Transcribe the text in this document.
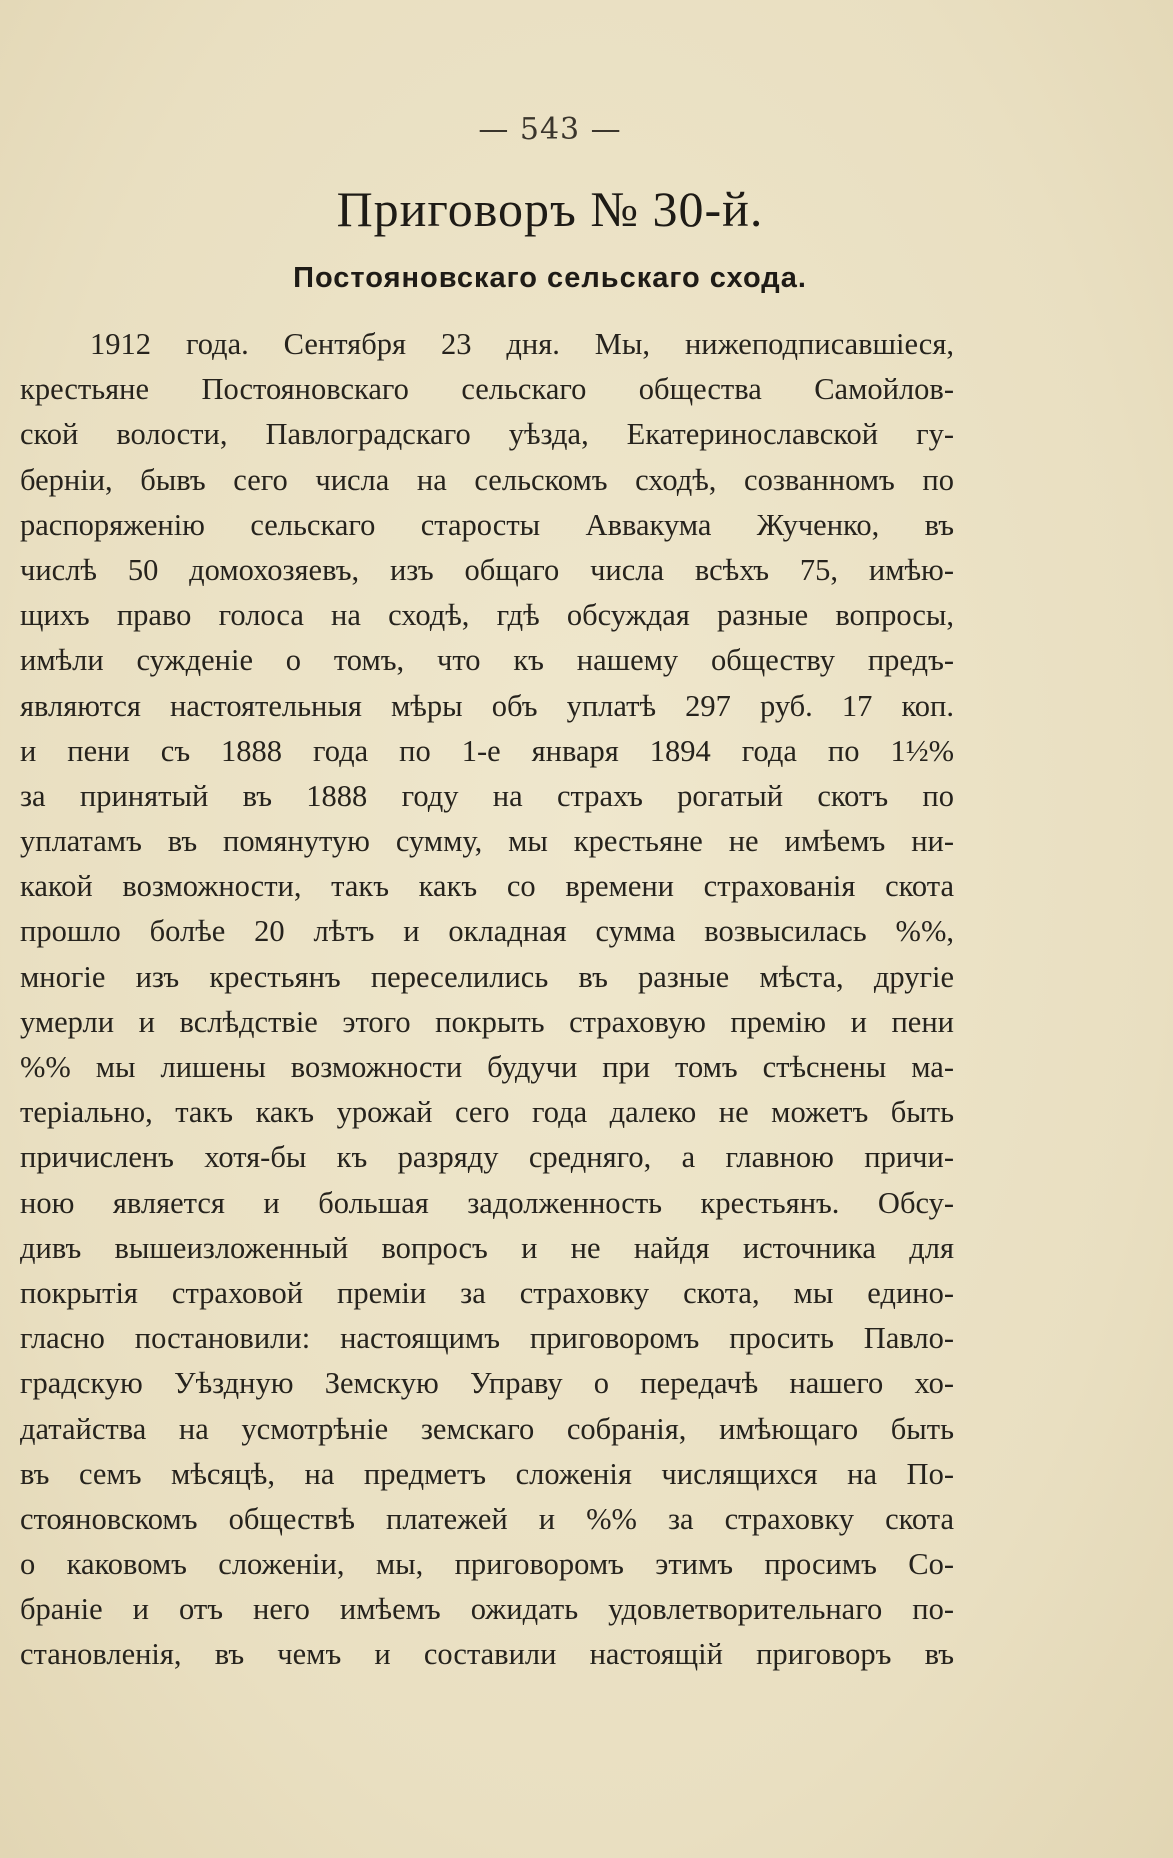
— 543 —
Приговоръ № 30-й.
Постояновскаго сельскаго схода.
1912 года. Сентября 23 дня. Мы, нижеподписавшіеся,
крестьяне Постояновскаго сельскаго общества Самойлов-
ской волости, Павлоградскаго уѣзда, Екатеринославской гу-
берніи, бывъ сего числа на сельскомъ сходѣ, созванномъ по
распоряженію сельскаго старосты Аввакума Жученко, въ
числѣ 50 домохозяевъ, изъ общаго числа всѣхъ 75, имѣю-
щихъ право голоса на сходѣ, гдѣ обсуждая разные вопросы,
имѣли сужденіе о томъ, что къ нашему обществу предъ-
являются настоятельныя мѣры объ уплатѣ 297 руб. 17 коп.
и пени съ 1888 года по 1-е января 1894 года по 1½%
за принятый въ 1888 году на страхъ рогатый скотъ по
уплатамъ въ помянутую сумму, мы крестьяне не имѣемъ ни-
какой возможности, такъ какъ со времени страхованія скота
прошло болѣе 20 лѣтъ и окладная сумма возвысилась %%,
многіе изъ крестьянъ переселились въ разные мѣста, другіе
умерли и вслѣдствіе этого покрыть страховую премію и пени
%% мы лишены возможности будучи при томъ стѣснены ма-
теріально, такъ какъ урожай сего года далеко не можетъ быть
причисленъ хотя-бы къ разряду средняго, а главною причи-
ною является и большая задолженность крестьянъ. Обсу-
дивъ вышеизложенный вопросъ и не найдя источника для
покрытія страховой преміи за страховку скота, мы едино-
гласно постановили: настоящимъ приговоромъ просить Павло-
градскую Уѣздную Земскую Управу о передачѣ нашего хо-
датайства на усмотрѣніе земскаго собранія, имѣющаго быть
въ семъ мѣсяцѣ, на предметъ сложенія числящихся на По-
стояновскомъ обществѣ платежей и %% за страховку скота
о каковомъ сложеніи, мы, приговоромъ этимъ просимъ Со-
браніе и отъ него имѣемъ ожидать удовлетворительнаго по-
становленія, въ чемъ и составили настоящій приговоръ въ
